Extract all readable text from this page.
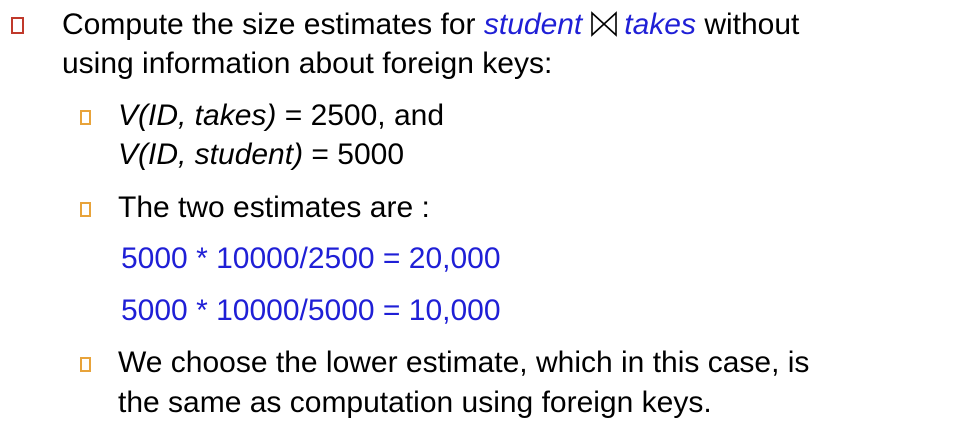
Compute the size estimates for student takes without
using information about foreign keys:
V(ID, takes) = 2500, and
V(ID, student) = 5000
The two estimates are :
5000 * 10000/2500 = 20,000
5000 * 10000/5000 = 10,000
We choose the lower estimate, which in this case, is
the same as computation using foreign keys.
